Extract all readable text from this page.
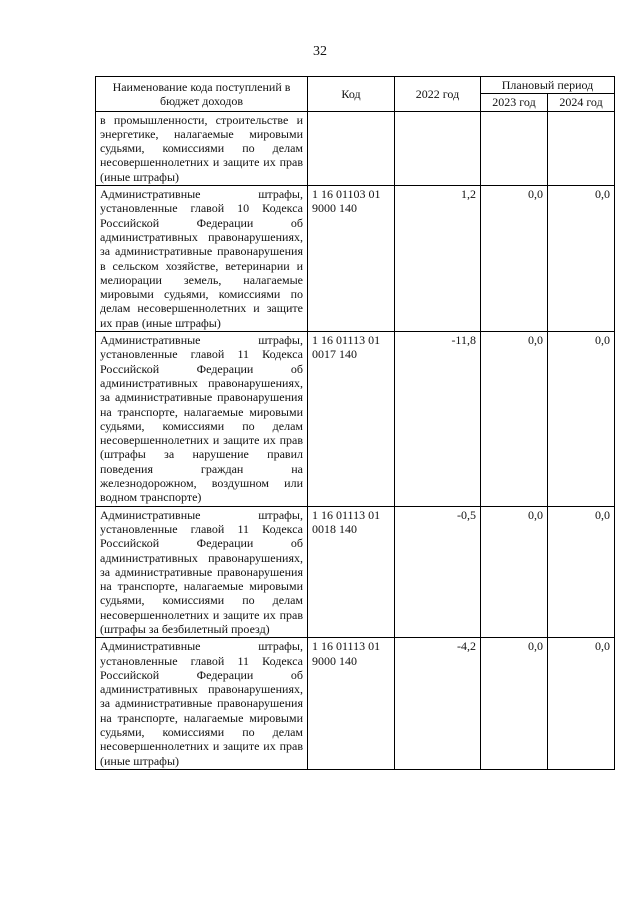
32
Наименование кода поступлений в бюджет доходов	Код	2022 год	Плановый период	
			2023 год	2024 год
в промышленности, строительстве и энергетике, налагаемые мировыми судьями, комиссиями по делам несовершеннолетних и защите их прав (иные штрафы)				
Административные штрафы, установленные главой 10 Кодекса Российской Федерации об административных правонарушениях, за административные правонарушения в сельском хозяйстве, ветеринарии и мелиорации земель, налагаемые мировыми судьями, комиссиями по делам несовершеннолетних и защите их прав (иные штрафы)	1 16 01103 01 9000 140	1,2	0,0	0,0
Административные штрафы, установленные главой 11 Кодекса Российской Федерации об административных правонарушениях, за административные правонарушения на транспорте, налагаемые мировыми судьями, комиссиями по делам несовершеннолетних и защите их прав (штрафы за нарушение правил поведения граждан на железнодорожном, воздушном или водном транспорте)	1 16 01113 01 0017 140	-11,8	0,0	0,0
Административные штрафы, установленные главой 11 Кодекса Российской Федерации об административных правонарушениях, за административные правонарушения на транспорте, налагаемые мировыми судьями, комиссиями по делам несовершеннолетних и защите их прав (штрафы за безбилетный проезд)	1 16 01113 01 0018 140	-0,5	0,0	0,0
Административные штрафы, установленные главой 11 Кодекса Российской Федерации об административных правонарушениях, за административные правонарушения на транспорте, налагаемые мировыми судьями, комиссиями по делам несовершеннолетних и защите их прав (иные штрафы)	1 16 01113 01 9000 140	-4,2	0,0	0,0
